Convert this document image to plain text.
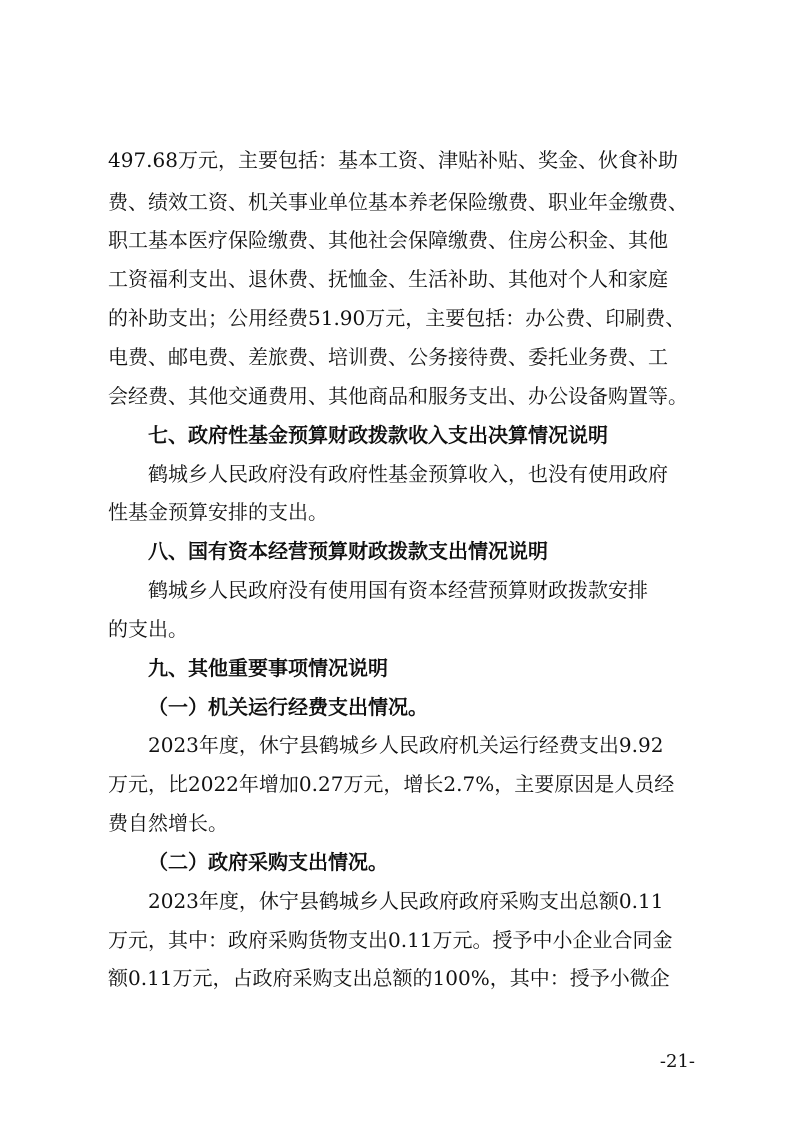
497.68万元，主要包括：基本工资、津贴补贴、奖金、伙食补助
费、绩效工资、机关事业单位基本养老保险缴费、职业年金缴费、
职工基本医疗保险缴费、其他社会保障缴费、住房公积金、其他
工资福利支出、退休费、抚恤金、生活补助、其他对个人和家庭
的补助支出；公用经费51.90万元，主要包括：办公费、印刷费、
电费、邮电费、差旅费、培训费、公务接待费、委托业务费、工
会经费、其他交通费用、其他商品和服务支出、办公设备购置等。
七、政府性基金预算财政拨款收入支出决算情况说明
鹤城乡人民政府没有政府性基金预算收入，也没有使用政府
性基金预算安排的支出。
八、国有资本经营预算财政拨款支出情况说明
鹤城乡人民政府没有使用国有资本经营预算财政拨款安排
的支出。
九、其他重要事项情况说明
（一）机关运行经费支出情况。
2023年度，休宁县鹤城乡人民政府机关运行经费支出9.92
万元，比2022年增加0.27万元，增长2.7%，主要原因是人员经
费自然增长。
（二）政府采购支出情况。
2023年度，休宁县鹤城乡人民政府政府采购支出总额0.11
万元，其中：政府采购货物支出0.11万元。授予中小企业合同金
额0.11万元，占政府采购支出总额的100%，其中：授予小微企
-21-
